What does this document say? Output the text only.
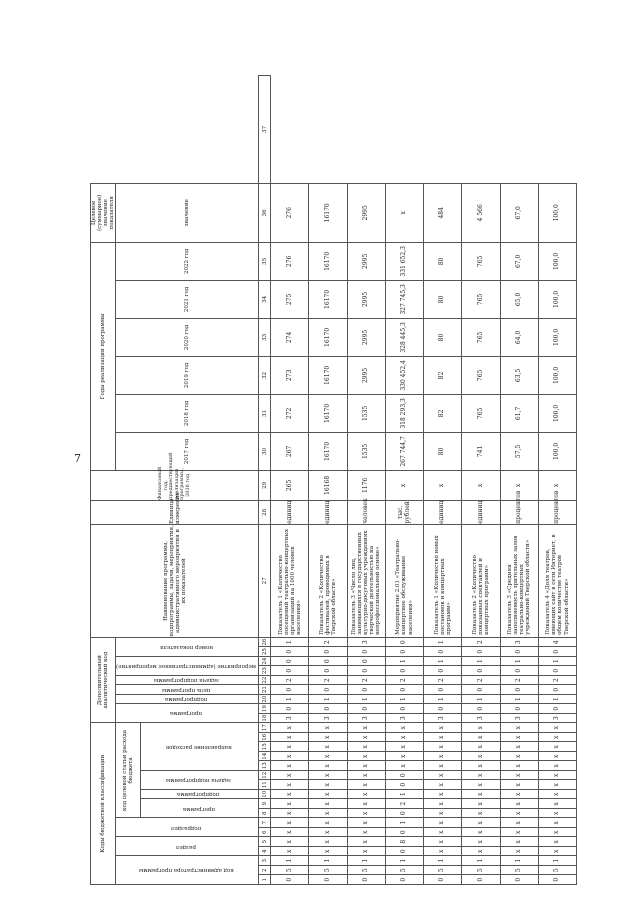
7
Коды бюджетной классификации																	Дополнительный аналитический код									Наименование программы, подпрограммы, задачи, мероприятия, административного мероприятия и их показателей	Единица измерения	Финансовый год, предшествующий реализации программы, 2016 год	Годы реализации программы						Целевое (суммарное) значение показателя	
код администратора программы			раздел		подраздел		код целевой статьи расхода бюджета										программа		подпрограмма	цель программы	задача подпрограммы	мероприятие (административное мероприятие)		номер показателя					2017 год	2018 год	2019 год	2020 год	2021 год	2022 год	значение	
							программа		подпрограмма	задача подпрограммы		направление расходов																								
1	2	3	4	5	6	7	8	9	10	11	12	13	14	15	16	17	18	19	20	21	22	23	24	25	26	27	28	29	30	31	32	33	34	35	36	37
0	5	1	x	x	x	x	x	x	x	x	x	x	x	x	x	x	3	0	1	0	2	0	0	0	1	Показатель 1 «Количество посещений театрально-концертных организаций на 1000 человек населения»	единиц	265	267	272	273	274	275	276	276	
0	5	1	x	x	x	x	x	x	x	x	x	x	x	x	x	x	3	0	1	0	2	0	0	0	2	Показатель 2 «Количество фестивалей, проводимых в Тверской области»	единиц	16168	16170	16170	16170	16170	16170	16170	16170	
0	5	1	x	x	x	x	x	x	x	x	x	x	x	x	x	x	3	0	1	0	2	0	0	0	3	Показатель 3 «Число лиц, занимающихся в государственных культурно-досуговых учреждениях творческой деятельностью на непрофессиональной основе»	человек	1176	1535	1535	2995	2995	2995	2995	2995	
0	5	1	0	8	0	1	0	2	1	0	0	x	x	x	x	x	3	0	1	0	2	0	1	0	0	Мероприятие 2.01 «Театрально-концертное обслуживание населения»	тыс. рублей	x	267 744,7	318 293,3	330 452,4	328 445,3	327 745,3	331 652,3	x	
0	5	1	x	x	x	x	x	x	x	x	x	x	x	x	x	x	3	0	1	0	2	0	1	0	1	Показатель 1 «Количество новых постановок и концертных программ»	единиц	x	80	82	82	80	80	80	484	
0	5	1	x	x	x	x	x	x	x	x	x	x	x	x	x	x	3	0	1	0	2	0	1	0	2	Показатель 2 «Количество показанных спектаклей и концертных программ»	единиц	x	741	765	765	765	765	765	4 566	
0	5	1	x	x	x	x	x	x	x	x	x	x	x	x	x	x	3	0	1	0	2	0	1	0	3	Показатель 3 «Средняя заполняемость зрительных залов театрально-концертных учреждений Тверской области»	процентов	x	57,5	61,7	63,5	64,0	65,0	67,0	67,0	
0	5	1	x	x	x	x	x	x	x	x	x	x	x	x	x	x	3	0	1	0	2	0	1	0	4	Показатель 4 «Доля театров, имеющих сайт в сети Интернет, в общем количестве театров Тверской области»	процентов	x	100,0	100,0	100,0	100,0	100,0	100,0	100,0	
